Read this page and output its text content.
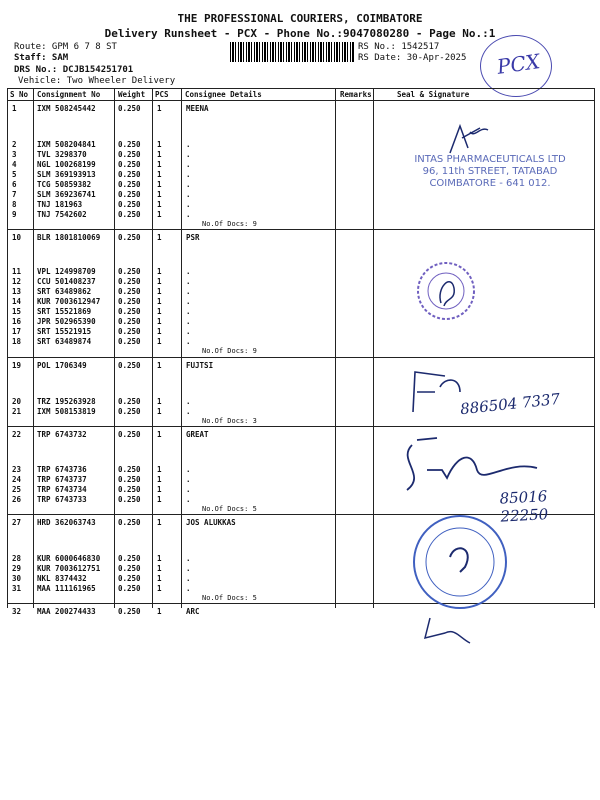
THE PROFESSIONAL COURIERS, COIMBATORE
Delivery Runsheet - PCX - Phone No.:9047080280 - Page No.:1
Route: GPM 6 7 8 ST
Staff: SAM
DRS No.: DCJB154251701
Vehicle: Two Wheeler Delivery
RS No.: 1542517
RS Date: 30-Apr-2025 PCX
S No Consignment No Weight PCS Consignee Details	Remarks	Seal & Signature
1	IXM 508245442	0.250 1	MEENA
2	IXM 508204841	0.250 1	.
3	TVL 3298370	0.250 1	.
4	NGL 100268199	0.250 1	.
5	SLM 369193913	0.250 1	.
6	TCG 50859382	0.250 1	.
7	SLM 369236741	0.250 1	.
8	TNJ 181963	0.250 1	.
9	TNJ 7542602	0.250 1	.
No.Of Docs: 9
10 BLR 1801810069 0.250 1	PSR
11 VPL 124998709	0.250 1	.
12 CCU 501408237	0.250 1	.
13 SRT 63489862	0.250 1	.
14 KUR 7003612947 0.250 1	.
15 SRT 15521869	0.250 1	.
16 JPR 502965390	0.250 1	.
17 SRT 15521915	0.250 1	.
18 SRT 63489874	0.250 1	.
No.Of Docs: 9
19 POL 1706349	0.250 1	FUJTSI
20 TRZ 195263928	0.250 1	.
21 IXM 508153819	0.250 1	.
No.Of Docs: 3
22 TRP 6743732	0.250 1	GREAT
23 TRP 6743736	0.250 1	.
24 TRP 6743737	0.250 1	.
25 TRP 6743734	0.250 1	.
26 TRP 6743733	0.250 1	.
No.Of Docs: 5
27 HRD 362063743	0.250 1	JOS ALUKKAS
28 KUR 6000646830 0.250 1	.
29 KUR 7003612751 0.250 1	.
30 NKL 8374432	0.250 1	.
31 MAA 111161965	0.250 1	.
No.Of Docs: 5
32 MAA 200274433	0.250 1	ARC
INTAS PHARMACEUTICALS LTD
96, 11th STREET, TATABAD
COIMBATORE - 641 012.
886504 7337
85016 22250
